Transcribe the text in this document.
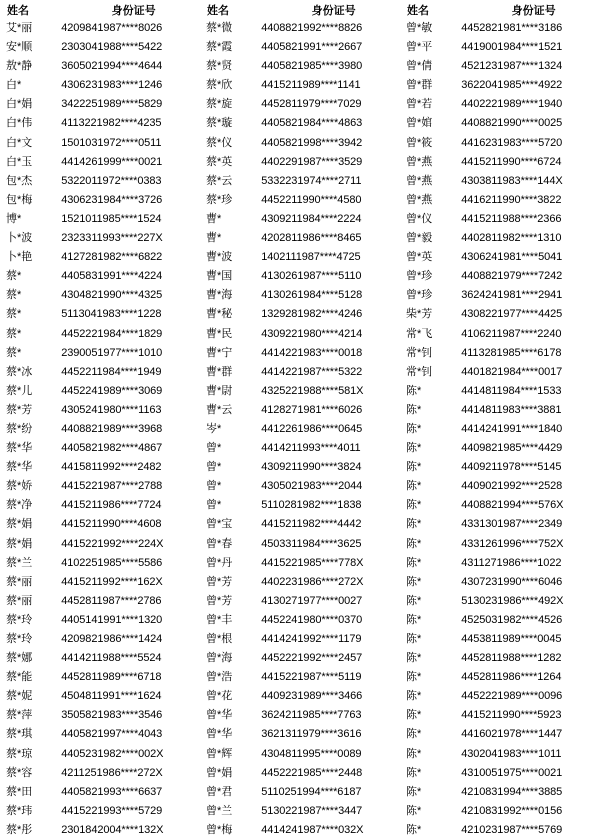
姓名	身份证号	姓名	身份证号	姓名	身份证号
艾*丽	4209841987****8026	蔡*微	4408821992****8826	曾*敏	4452821981****3186
安*顺	2303041988****5422	蔡*霞	4405821991****2667	曾*平	4419001984****1521
敖*静	3605021994****4644	蔡*贤	4405821985****3980	曾*倩	4521231987****1324
白*	4306231983****1246	蔡*欣	4415211989****1141	曾*群	3622041985****4922
白*娟	3422251989****5829	蔡*旋	4452811979****7029	曾*若	4402221989****1940
白*伟	4113221982****4235	蔡*璇	4405821984****4863	曾*婠	4408821990****0025
白*文	1501031972****0511	蔡*仪	4405821998****3942	曾*筱	4416231983****5720
白*玉	4414261999****0021	蔡*英	4402291987****3529	曾*燕	4415211990****6724
包*杰	5322011972****0383	蔡*云	5332231974****2711	曾*燕	4303811983****144X
包*梅	4306231984****3726	蔡*珍	4452211990****4580	曾*燕	4416211990****3822
博*	1521011985****1524	曹*	4309211984****2224	曾*仪	4415211988****2366
卜*波	2323311993****227X	曹*	4202811986****8465	曾*毅	4402811982****1310
卜*艳	4127281982****6822	曹*波	1402111987****4725	曾*英	4306241981****5041
蔡*	4405831991****4224	曹*国	4130261987****5110	曾*珍	4408821979****7242
蔡*	4304821990****4325	曹*海	4130261984****5128	曾*珍	3624241981****2941
蔡*	5113041983****1228	曹*秘	1329281982****4246	柴*芳	4308221977****4425
蔡*	4452221984****1829	曹*民	4309221980****4214	常*飞	4106211987****2240
蔡*	2390051977****1010	曹*宁	4414221983****0018	常*钊	4113281985****6178
蔡*冰	4452211984****1949	曹*群	4414221987****5322	常*钊	4401821984****0017
蔡*儿	4452241989****3069	曹*尉	4325221988****581X	陈*	4414811984****1533
蔡*芳	4305241980****1163	曹*云	4128271981****6026	陈*	4414811983****3881
蔡*纷	4408821989****3968	岑*	4412261986****0645	陈*	4414241991****1840
蔡*华	4405821982****4867	曾*	4414211993****4011	陈*	4409821985****4429
蔡*华	4415811992****2482	曾*	4309211990****3824	陈*	4409211978****5145
蔡*娇	4415221987****2788	曾*	4305021983****2044	陈*	4409021992****2528
蔡*净	4415211986****7724	曾*	5110281982****1838	陈*	4408821994****576X
蔡*娟	4415211990****4608	曾*宝	4415211982****4442	陈*	4331301987****2349
蔡*娟	4415221992****224X	曾*春	4503311984****3625	陈*	4331261996****752X
蔡*兰	4102251985****5586	曾*丹	4415221985****778X	陈*	4311271986****1022
蔡*丽	4415211992****162X	曾*芳	4402231986****272X	陈*	4307231990****6046
蔡*丽	4452811987****2786	曾*芳	4130271977****0027	陈*	5130231986****492X
蔡*玲	4405141991****1320	曾*丰	4452241980****0370	陈*	4525031982****4526
蔡*玲	4209821986****1424	曾*根	4414241992****1179	陈*	4453811989****0045
蔡*娜	4414211988****5524	曾*海	4452221992****2457	陈*	4452811988****1282
蔡*能	4452811989****6718	曾*浩	4415221987****5119	陈*	4452811986****1264
蔡*妮	4504811991****1624	曾*花	4409231989****3466	陈*	4452221989****0096
蔡*萍	3505821983****3546	曾*华	3624211985****7763	陈*	4415211990****5923
蔡*琪	4405821997****4043	曾*华	3621311979****3616	陈*	4416021978****1447
蔡*琼	4405231982****002X	曾*辉	4304811995****0089	陈*	4302041983****1011
蔡*容	4211251986****272X	曾*娟	4452221985****2448	陈*	4310051975****0021
蔡*田	4405821993****6637	曾*君	5110251994****6187	陈*	4210831994****3885
蔡*玮	4415221993****5729	曾*兰	5130221987****3447	陈*	4210831992****0156
蔡*彤	2301842004****132X	曾*梅	4414241987****032X	陈*	4210231987****5769
